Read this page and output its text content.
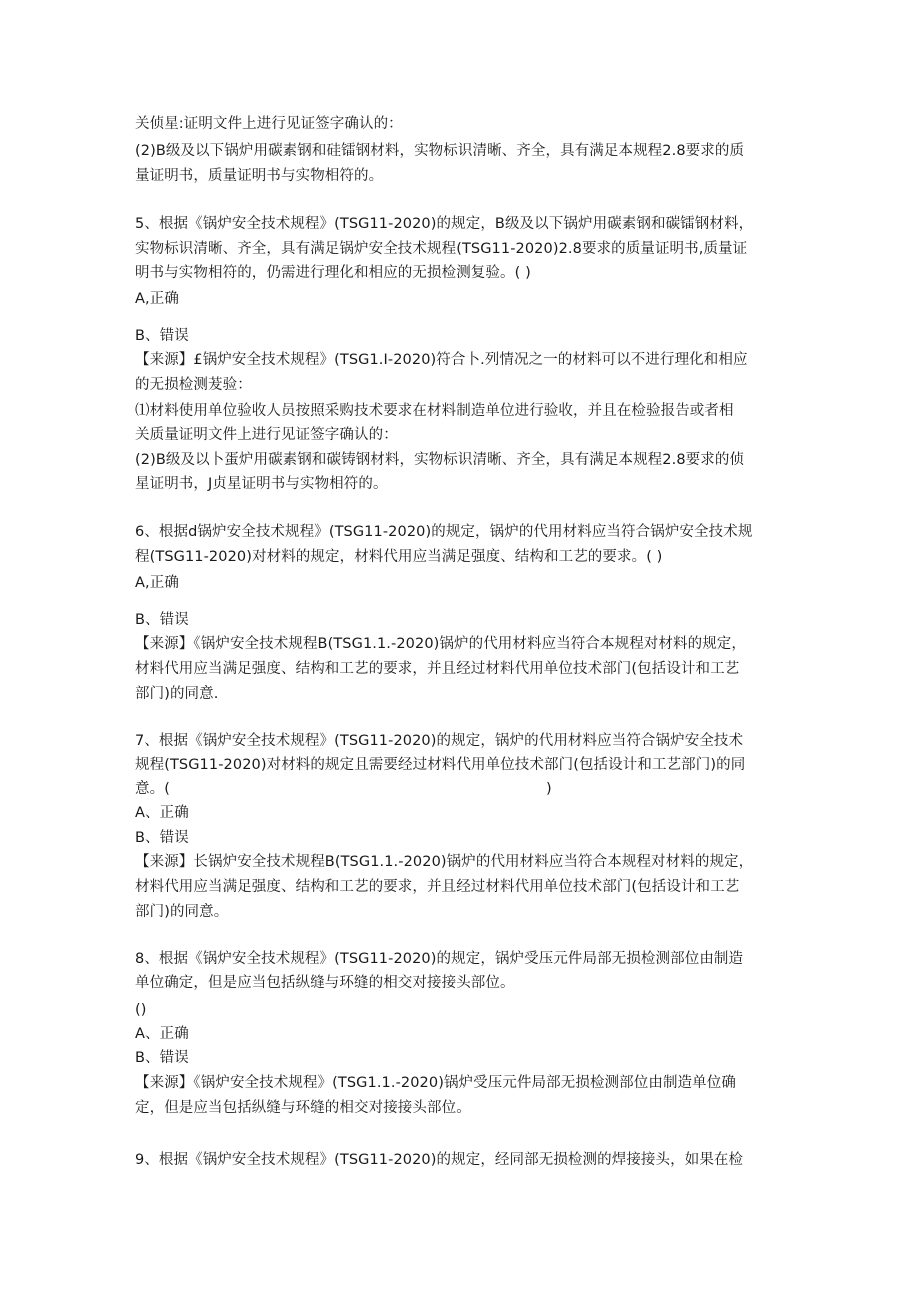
关侦星:证明文件上进行见证签字确认的：
(2)B级及以下锅炉用碳素钢和硅镭钢材料，实物标识清晰、齐全，具有满足本规程2.8要求的质
量证明书，质量证明书与实物相符的。
5、根据《锅炉安全技术规程》(TSG11-2020)的规定，B级及以下锅炉用碳素钢和碳镭钢材料，
实物标识清晰、齐全，具有满足锅炉安全技术规程(TSG11-2020)2.8要求的质量证明书,质量证
明书与实物相符的，仍需进行理化和相应的无损检测复验。( )
A,正确
B、错误
【来源】£锅炉安全技术规程》(TSG1.I-2020)符合卜.列情况之一的材料可以不进行理化和相应
的无损检测茇验：
⑴材料使用单位验收人员按照采购技术要求在材料制造单位进行验收，并且在检验报告或者相
关质量证明文件上进行见证签字确认的：
(2)B级及以卜蛋炉用碳素钢和碳铸钢材料，实物标识清晰、齐全，具有满足本规程2.8要求的侦
星证明书，J贞星证明书与实物相符的。
6、根据d锅炉安全技术规程》(TSG11-2020)的规定，锅炉的代用材料应当符合锅炉安全技术规
程(TSG11-2020)对材料的规定，材料代用应当满足强度、结构和工艺的要求。( )
A,正确
B、错误
【来源】《锅炉安全技术规程B(TSG1.1.-2020)锅炉的代用材料应当符合本规程对材料的规定，
材料代用应当满足强度、结构和工艺的要求，并且经过材料代用单位技术部门(包括设计和工艺
部门)的同意.
7、根据《锅炉安全技术规程》(TSG11-2020)的规定，锅炉的代用材料应当符合锅炉安全技术
规程(TSG11-2020)对材料的规定且需要经过材料代用单位技术部门(包括设计和工艺部门)的同
意。(	)
A、正确
B、错误
【来源】长锅炉安全技术规程B(TSG1.1.-2020)锅炉的代用材料应当符合本规程对材料的规定，
材料代用应当满足强度、结构和工艺的要求，并且经过材料代用单位技术部门(包括设计和工艺
部门)的同意。
8、根据《锅炉安全技术规程》(TSG11-2020)的规定，锅炉受压元件局部无损检测部位由制造
单位确定，但是应当包括纵缝与环缝的相交对接接头部位。
()
A、正确
B、错误
【来源】《锅炉安全技术规程》(TSG1.1.-2020)锅炉受压元件局部无损检测部位由制造单位确
定，但是应当包括纵缝与环缝的相交对接接头部位。
9、根据《锅炉安全技术规程》(TSG11-2020)的规定，经同部无损检测的焊接接头，如果在检
